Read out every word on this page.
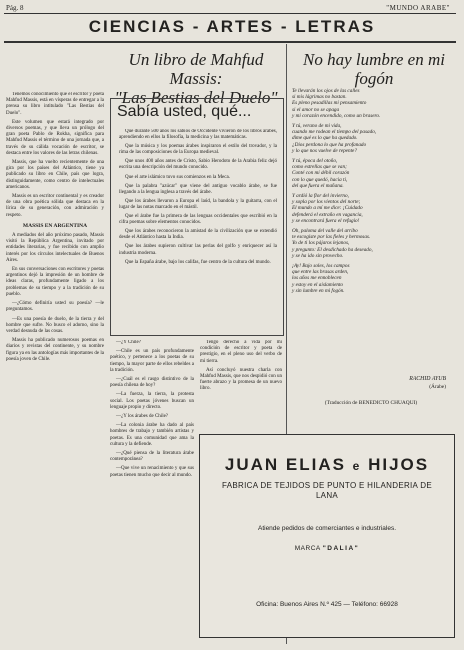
Pág. 8	"MUNDO ARABE"
CIENCIAS - ARTES - LETRAS
Un libro de Mahfud Massis:
"Las Bestias del Duelo"
No hay lumbre en mi fogón

Tenemos conocimiento que el escritor y poeta Mahfud Massis, está en vísperas de entregar a la prensa su libro intitulado "Las Bestias del Duelo".

Este volumen que estará integrado por diversos poemas, y que lleva un prólogo del gran poeta Pablo de Rokha, significa para Mahfud Massis el término de una jornada que, a través de su cálida vocación de escritor, se destaca entre los valores de las letras chilenas.

Massis, que ha vuelto recientemente de una gira por los países del Atlántico, tiene ya publicado su libro en Chile, país que logra, distinguidamente, como centro de intelectuales americanos.

Massis es un escritor continental y es creador de una obra poética sólida que destaca en la lírica de su generación, con admiración y respeto.

MASSIS EN ARGENTINA

A mediados del año próximo pasado, Massis visitó la República Argentina, invitado por entidades literarias, y fue recibido con amplio interés por los círculos intelectuales de Buenos Aires.

En sus conversaciones con escritores y poetas argentinos dejó la impresión de un hombre de ideas claras, profundamente ligado a los problemas de su tiempo y a la tradición de su pueblo.

—¿Cómo definiría usted su poesía? —le preguntamos.

—Es una poesía de duelo, de la tierra y del hombre que sufre. No busco el adorno, sino la verdad desnuda de las cosas.

Massis ha publicado numerosos poemas en diarios y revistas del continente, y su nombre figura ya en las antologías más importantes de la poesía joven de Chile.

Sabía usted, qué...

Que durante 500 años los sabios de Occidente vivieron de los libros árabes, aprendiendo en ellos la filosofía, la medicina y las matemáticas.

Que la música y los poemas árabes inspiraron el estilo del trovador, y la rima de las composiciones de la Europa medieval.

Que unos 400 años antes de Cristo, Sabio Herodoto de la Arabia feliz dejó escrita una descripción del mundo conocido.

Que el arte islámico tuvo sus comienzos en la Meca.

Que la palabra "azúcar" que viene del antiguo vocablo árabe, se fue llegando a la lengua inglesa a través del árabe.

Que los árabes llevaron a Europa el laúd, la bandola y la guitarra, con el lugar de las notas marcado en el mástil.

Que el árabe fue la primera de las lenguas occidentales que escribió en la cifra poemas sobre elementos conocidos.

Que los árabes reconocieron la amistad de la civilización que se extendió desde el Atlántico hasta la India.

Que los árabes supieron cultivar las perlas del golfo y enriquecer así la industria moderna.

Que la España árabe, bajo los califas, fue centro de la cultura del mundo.

—¿Y Chile?

—Chile es un país profundamente poético, y pertenece a los poetas de su tiempo, la mayor parte de ellos rebeldes a la tradición.

—¿Cuál es el rasgo distintivo de la poesía chilena de hoy?

—La fuerza, la tierra, la protesta social. Los poetas jóvenes buscan un lenguaje propio y directo.

—¿Y los árabes de Chile?

—La colonia árabe ha dado al país hombres de trabajo y también artistas y poetas. Es una comunidad que ama la cultura y la defiende.

—¿Qué piensa de la literatura árabe contemporánea?

—Que vive un renacimiento y que sus poetas tienen mucho que decir al mundo.

Tengo derecho a vida por mi condición de escritor y poeta de prestigio, en el pleno uso del verbo de mi tierra.

Así concluyó nuestra charla con Mahfud Massis, que nos despidió con un fuerte abrazo y la promesa de un nuevo libro.

Te llevarán los ojos de las calles
si mis lágrimas no bastan.
Es pleno pesadillas mi pensamiento
si el amor no se apaga
y mi corazón encendido, como un brasero.
Y tú, verano de mi vida,
cuando me rodean el tiempo del pasado,
dime qué es lo que ha quedado.
¿Dios perdona lo que ha profanado
y lo que nos vuelve de repente?
Y tú, época del otoño,
como estrellas que se van;
Conté con mi débil corazón
con lo que quedó, hacia ti,
del que fuera el mañana.
Y ardió la flor del invierno,
y sopla por los vientos del norte;
El mundo a mí me dice: ¡Cuidado
defenderá el extraño en vagancia,
y se encontrará fuera el refugio!
Oh, paloma del valle del arribo
te escogiste por las fieles y hermosas.
Yo de ti los pájaros lejanos,
y pregunto: El desdichado ha deseado,
y se ha ido sin provecho.
¡Ay! Bajo soles, los campos
que entre las brasas arden,
los años me ennoblecen
y estoy en el aislamiento
y sin lumbre en mi fogón.
RACHID AYUB
(Árabe)
(Traducción de BENEDICTO CHUAQUI)
JUAN ELIAS e HIJOS
FABRICA DE TEJIDOS DE PUNTO E HILANDERIA DE LANA
Atiende pedidos de comerciantes e industriales.
MARCA "DALIA"
Oficina: Buenos Aires N.º 425 — Teléfono: 66928
